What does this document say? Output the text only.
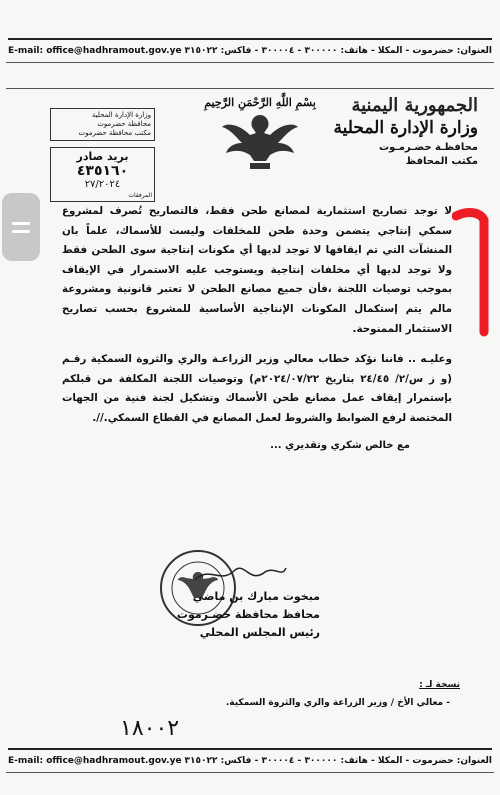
E-mail: office@hadhramout.gov.ye العنوان: حضرموت - المكلا - هاتف: ٣٠٠٠٠٠ - ٣٠٠٠٠٤ - فاكس: ٣١٥٠٢٢
الجمهورية اليمنية
وزارة الإدارة المحلية
محافظـة حضـرمـوت
مكتب المحافظ
بِسْمِ اللَّهِ الرَّحْمَنِ الرَّحِيمِ
وزارة الإدارة المحلية
محافظة حضرموت
مكتب محافظة حضرموت
بريد صادر
٤٣٥١٦٠
٢٧/٢٠٢٤
المرفقات

لا توجد تصاريح استثمارية لمصانع طحن فقط، فالتصاريح تُصرف لمشروع سمكي إنتاجي يتضمن وحدة طحن للمخلفات وليست للأسماك، علماً بان المنشآت التي تم ايقافها لا توجد لديها أي مكونات إنتاجية سوى الطحن فقط ولا توجد لديها أي مخلفات إنتاجية ويستوجب عليه الاستمرار في الإيقاف بموجب توصيات اللجنة ،فأن جميع مصانع الطحن لا تعتبر قانونية ومشروعة مالم يتم إستكمال المكونات الإنتاجية الأساسية للمشروع بحسب تصاريح الاستثمار الممنوحة.

وعليـه .. فاننا نؤكد خطاب معالي وزير الزراعـة والري والثروة السمكية رقـم (و ز س/٢/ ٢٤/٤٥ بتاريخ ٢٠٢٤/٠٧/٢٢م) وتوصيات اللجنة المكلفة من قبلكم بإستمرار إيقاف عمل مصانع طحن الأسماك وتشكيل لجنة فنية من الجهات المختصة لرفع الضوابط والشروط لعمل المصانع في القطاع السمكي.//.

مع خالص شكري وتقديري ...
مبخوت مبارك بن ماضي
محافظ محافظة حضـرموت
رئيس المجلس المحلي
نسخة لـ :
- معالي الأخ / وزير الزراعة والري والثروة السمكية.
١٨٠٠٢
E-mail: office@hadhramout.gov.ye العنوان: حضرموت - المكلا - هاتف: ٣٠٠٠٠٠ - ٣٠٠٠٠٤ - فاكس: ٣١٥٠٢٢
